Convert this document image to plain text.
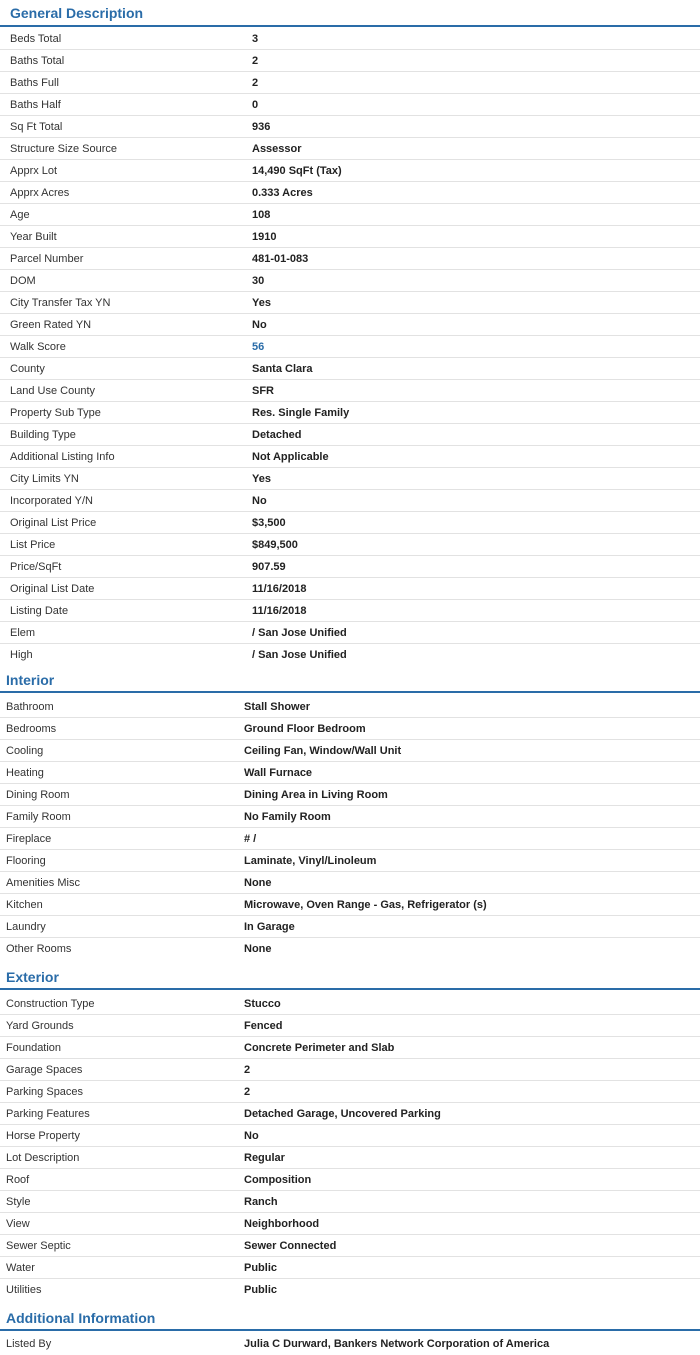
General Description
Beds Total	3
Baths Total	2
Baths Full	2
Baths Half	0
Sq Ft Total	936
Structure Size Source	Assessor
Apprx Lot	14,490 SqFt (Tax)
Apprx Acres	0.333 Acres
Age	108
Year Built	1910
Parcel Number	481-01-083
DOM	30
City Transfer Tax YN	Yes
Green Rated YN	No
Walk Score	56
County	Santa Clara
Land Use County	SFR
Property Sub Type	Res. Single Family
Building Type	Detached
Additional Listing Info	Not Applicable
City Limits YN	Yes
Incorporated Y/N	No
Original List Price	$3,500
List Price	$849,500
Price/SqFt	907.59
Original List Date	11/16/2018
Listing Date	11/16/2018
Elem	/ San Jose Unified
High	/ San Jose Unified
Interior
Bathroom	Stall Shower
Bedrooms	Ground Floor Bedroom
Cooling	Ceiling Fan, Window/Wall Unit
Heating	Wall Furnace
Dining Room	Dining Area in Living Room
Family Room	No Family Room
Fireplace	# /
Flooring	Laminate, Vinyl/Linoleum
Amenities Misc	None
Kitchen	Microwave, Oven Range - Gas, Refrigerator (s)
Laundry	In Garage
Other Rooms	None
Exterior
Construction Type	Stucco
Yard Grounds	Fenced
Foundation	Concrete Perimeter and Slab
Garage Spaces	2
Parking Spaces	2
Parking Features	Detached Garage, Uncovered Parking
Horse Property	No
Lot Description	Regular
Roof	Composition
Style	Ranch
View	Neighborhood
Sewer Septic	Sewer Connected
Water	Public
Utilities	Public
Additional Information
Listed By	Julia C Durward, Bankers Network Corporation of America
